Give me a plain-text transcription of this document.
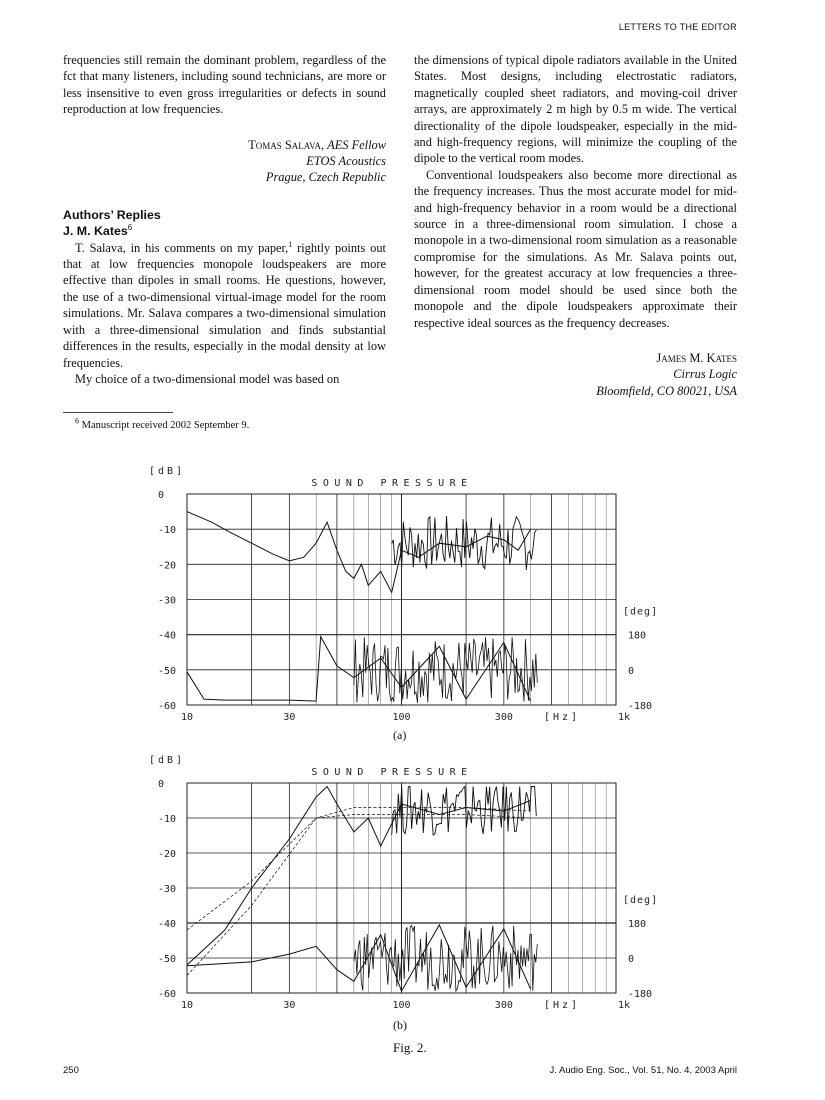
LETTERS TO THE EDITOR

frequencies still remain the dominant problem, regardless of the fct that many listeners, including sound technicians, are more or less insensitive to even gross irregularities or defects in sound reproduction at low frequencies.

Tomas Salava, AES Fellow
ETOS Acoustics
Prague, Czech Republic
Authors’ Replies
J. M. Kates$^6$

T. Salava, in his comments on my paper,$^1$ rightly points out that at low frequencies monopole loudspeakers are more effective than dipoles in small rooms. He questions, however, the use of a two-dimensional virtual-image model for the room simulations. Mr. Salava compares a two-dimensional simulation with a three-dimensional simulation and finds substantial differences in the results, especially in the modal density at low frequencies.

My choice of a two-dimensional model was based on

$^6$ Manuscript received 2002 September 9.

the dimensions of typical dipole radiators available in the United States. Most designs, including electrostatic radiators, magnetically coupled sheet radiators, and moving-coil driver arrays, are approximately 2 m high by 0.5 m wide. The vertical directionality of the dipole loudspeaker, especially in the mid- and high-frequency regions, will minimize the coupling of the dipole to the vertical room modes.

Conventional loudspeakers also become more directional as the frequency increases. Thus the most accurate model for mid- and high-frequency behavior in a room would be a directional source in a three-dimensional room simulation. I chose a monopole in a two-dimensional room simulation as a reasonable compromise for the simulations. As Mr. Salava points out, however, for the greatest accuracy at low frequencies a three-dimensional room model should be used since both the monopole and the dipole loudspeakers approximate their respective ideal sources as the frequency decreases.

James M. Kates
Cirrus Logic
Bloomfield, CO 80021, USA
0
-10
-20
-30
-40
-50
-60
10	30	100	300	1k
[Hz]
[dB]
SOUND PRESSURE
[deg]
180
0
-180
0
-10
-20
-30
-40
-50
-60
10	30	100	300	1k
[Hz]
[dB]
SOUND PRESSURE
[deg]
180
0
-180
(a)
(b)
Fig. 2.
250	J. Audio Eng. Soc., Vol. 51, No. 4, 2003 April
